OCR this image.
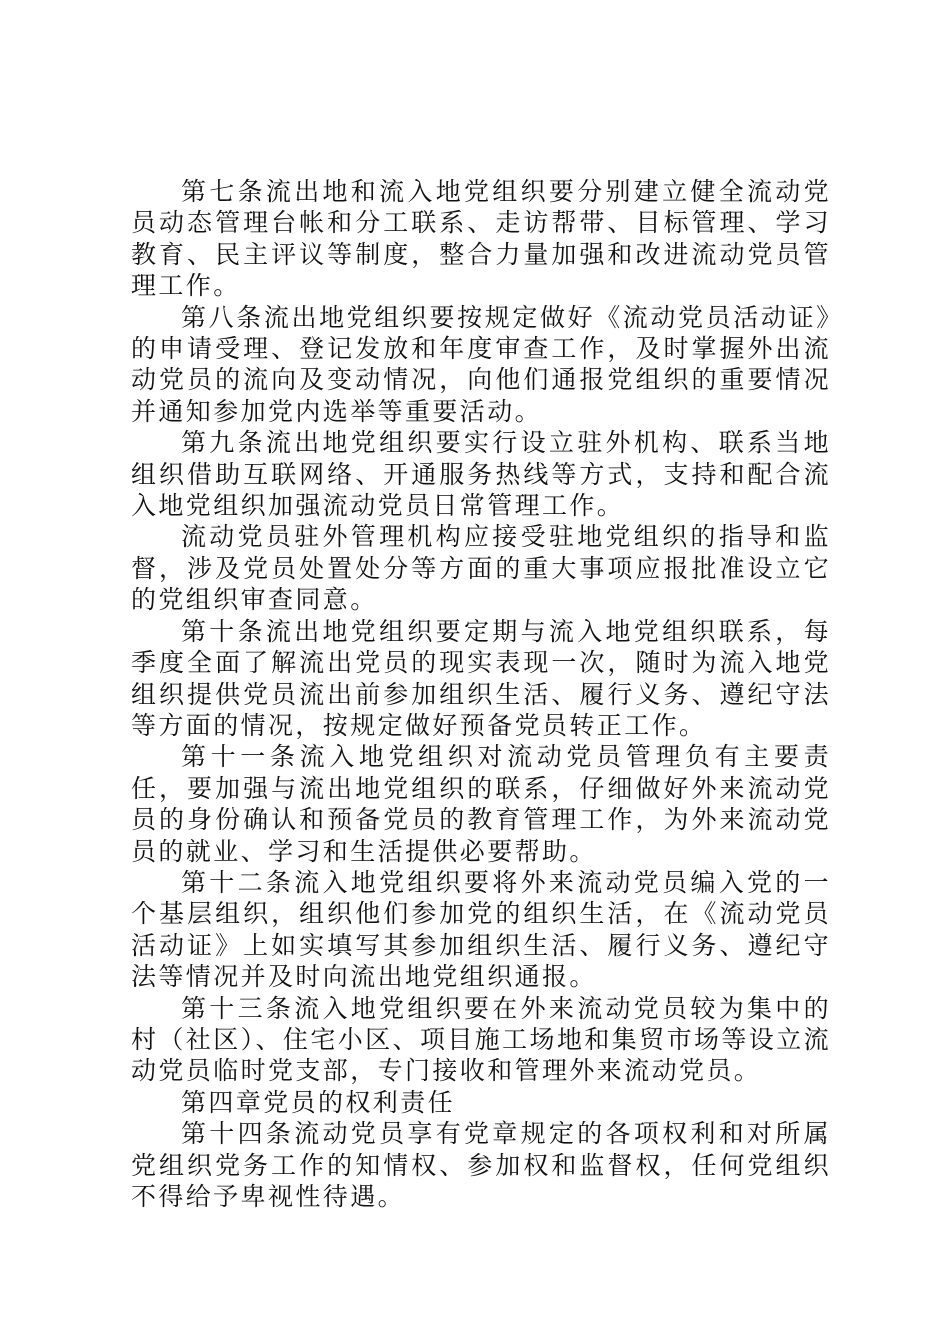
第七条流出地和流入地党组织要分别建立健全流动党员动态管理台帐和分工联系、走访帮带、目标管理、学习教育、民主评议等制度，整合力量加强和改进流动党员管理工作。

第八条流出地党组织要按规定做好《流动党员活动证》的申请受理、登记发放和年度审查工作，及时掌握外出流动党员的流向及变动情况，向他们通报党组织的重要情况并通知参加党内选举等重要活动。

第九条流出地党组织要实行设立驻外机构、联系当地组织借助互联网络、开通服务热线等方式，支持和配合流入地党组织加强流动党员日常管理工作。

流动党员驻外管理机构应接受驻地党组织的指导和监督，涉及党员处置处分等方面的重大事项应报批准设立它的党组织审查同意。

第十条流出地党组织要定期与流入地党组织联系，每季度全面了解流出党员的现实表现一次，随时为流入地党组织提供党员流出前参加组织生活、履行义务、遵纪守法等方面的情况，按规定做好预备党员转正工作。

第十一条流入地党组织对流动党员管理负有主要责任，要加强与流出地党组织的联系，仔细做好外来流动党员的身份确认和预备党员的教育管理工作，为外来流动党员的就业、学习和生活提供必要帮助。

第十二条流入地党组织要将外来流动党员编入党的一个基层组织，组织他们参加党的组织生活，在《流动党员活动证》上如实填写其参加组织生活、履行义务、遵纪守法等情况并及时向流出地党组织通报。

第十三条流入地党组织要在外来流动党员较为集中的村（社区）、住宅小区、项目施工场地和集贸市场等设立流动党员临时党支部，专门接收和管理外来流动党员。

第四章党员的权利责任

第十四条流动党员享有党章规定的各项权利和对所属党组织党务工作的知情权、参加权和监督权，任何党组织不得给予卑视性待遇。
